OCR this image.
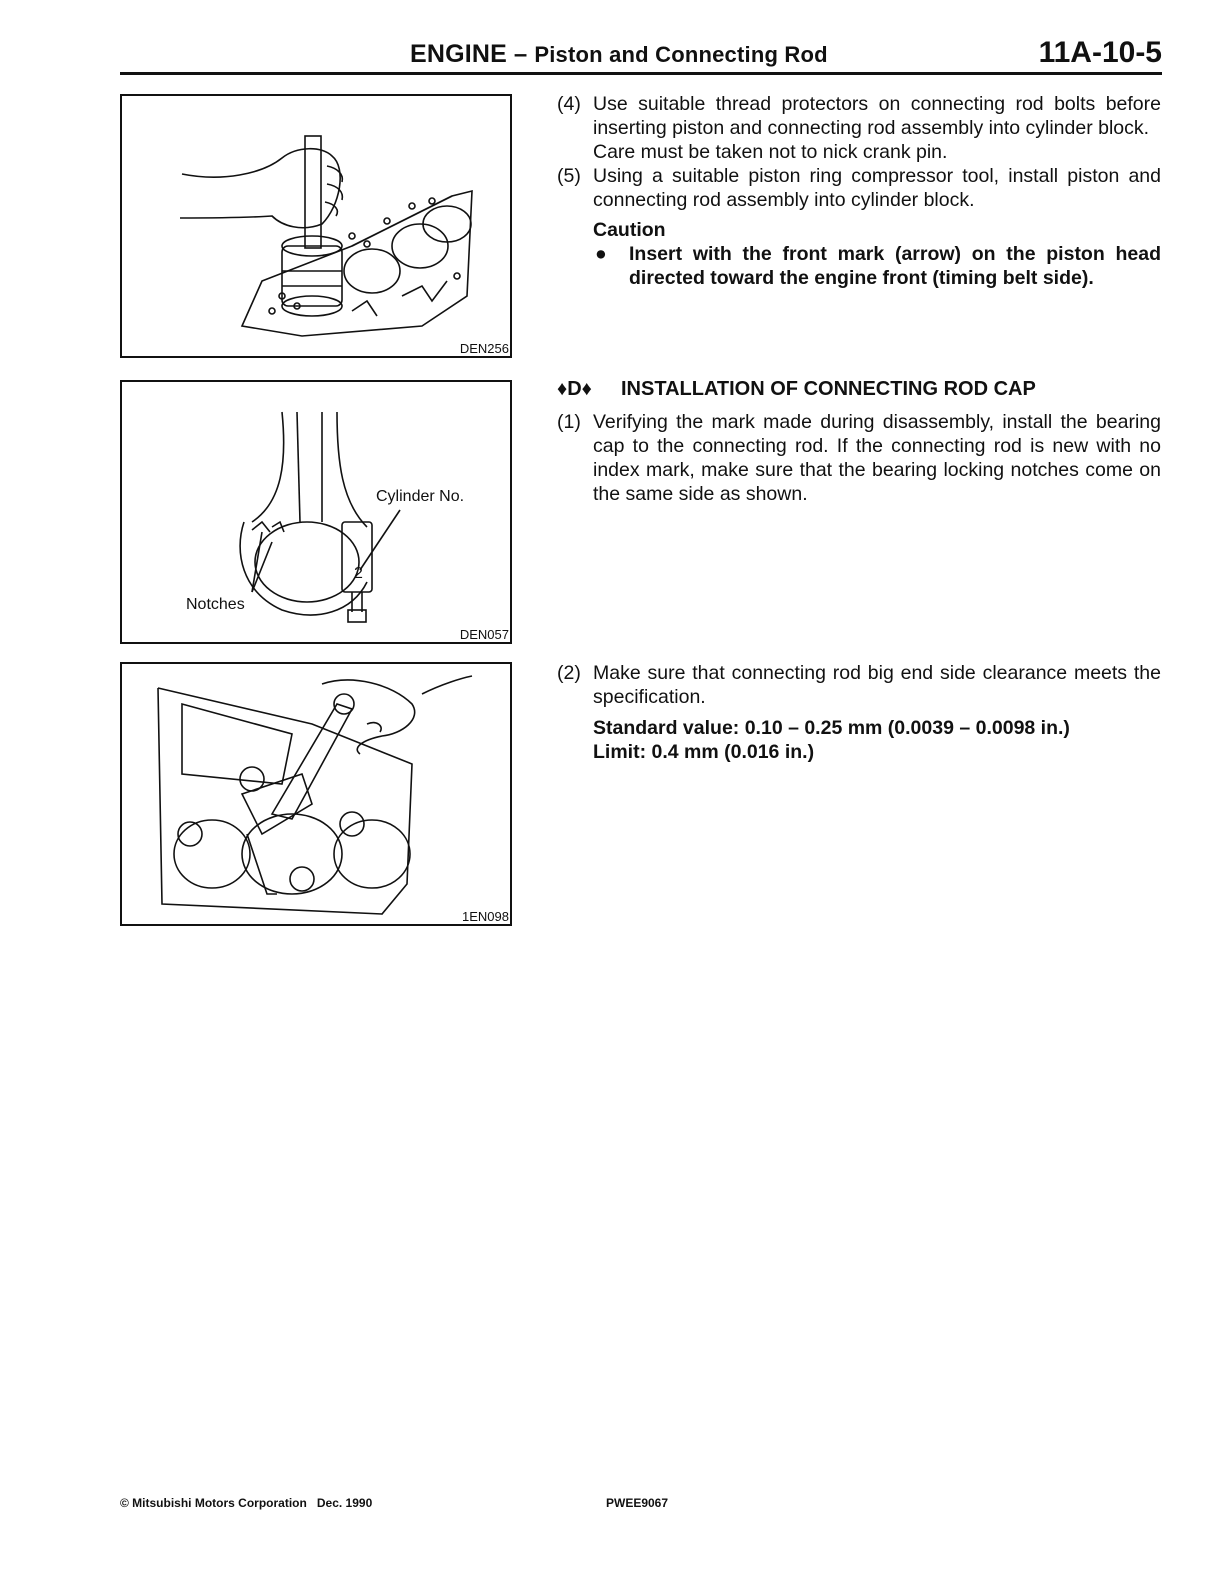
ENGINE – Piston and Connecting Rod	11A-10-5
DEN256
2
Cylinder No.
Notches
DEN057
1EN098
(4) Use suitable thread protectors on connecting rod bolts before inserting piston and connecting rod assembly into cylinder block.
Care must be taken not to nick crank pin.
(5) Using a suitable piston ring compressor tool, install piston and connecting rod assembly into cylinder block.
Caution
● Insert with the front mark (arrow) on the piston head directed toward the engine front (timing belt side).
♦D♦ INSTALLATION OF CONNECTING ROD CAP
(1) Verifying the mark made during disassembly, install the bearing cap to the connecting rod. If the connecting rod is new with no index mark, make sure that the bearing locking notches come on the same side as shown.
(2) Make sure that connecting rod big end side clearance meets the specification.
Standard value: 0.10 – 0.25 mm (0.0039 – 0.0098 in.)
Limit: 0.4 mm (0.016 in.)
© Mitsubishi Motors Corporation Dec. 1990	PWEE9067
